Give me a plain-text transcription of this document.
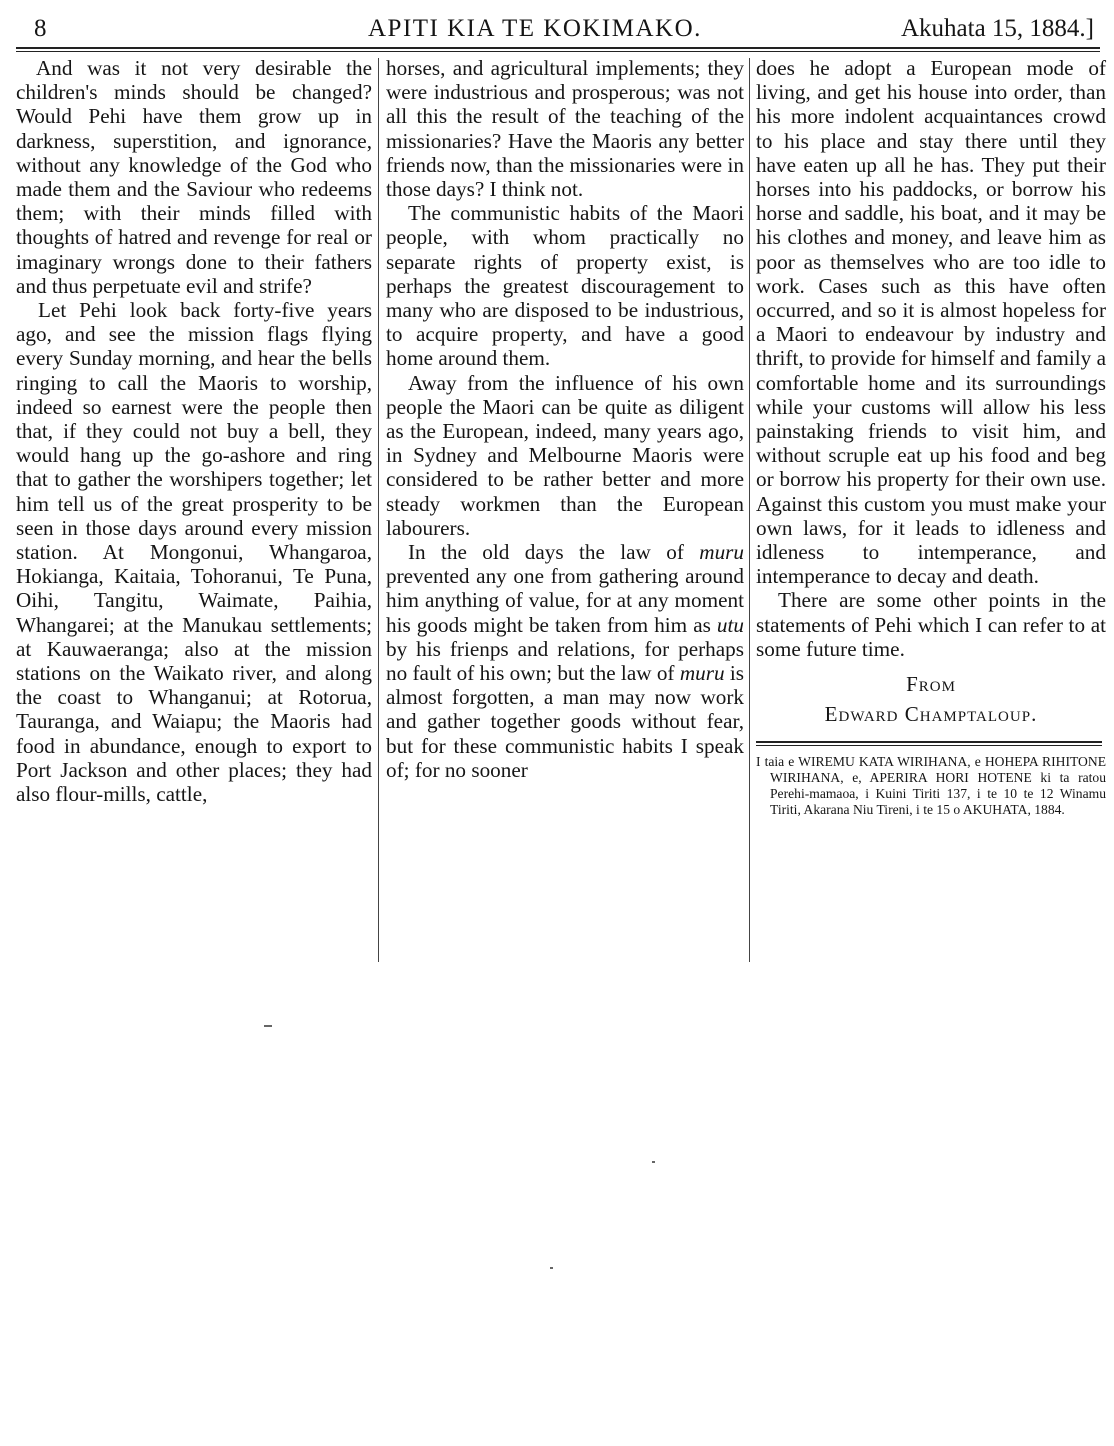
8	APITI KIA TE KOKIMAKO.	Akuhata 15, 1884.]

And was it not very desirable the children's minds should be changed? Would Pehi have them grow up in darkness, superstition, and ignorance, without any knowledge of the God who made them and the Saviour who redeems them; with their minds filled with thoughts of hatred and revenge for real or imaginary wrongs done to their fathers and thus perpetuate evil and strife?

Let Pehi look back forty-five years ago, and see the mission flags flying every Sunday morning, and hear the bells ringing to call the Maoris to worship, indeed so earnest were the people then that, if they could not buy a bell, they would hang up the go-ashore and ring that to gather the worshipers together; let him tell us of the great prosperity to be seen in those days around every mission station. At Mongonui, Whangaroa, Hokianga, Kaitaia, Tohoranui, Te Puna, Oihi, Tangitu, Waimate, Paihia, Whangarei; at the Manukau settlements; at Kauwaeranga; also at the mission stations on the Waikato river, and along the coast to Whanganui; at Rotorua, Tauranga, and Waiapu; the Maoris had food in abundance, enough to export to Port Jackson and other places; they had also flour-mills, cattle,

horses, and agricultural implements; they were industrious and prosperous; was not all this the result of the teaching of the missionaries? Have the Maoris any better friends now, than the missionaries were in those days? I think not.

The communistic habits of the Maori people, with whom practically no separate rights of property exist, is perhaps the greatest discouragement to many who are disposed to be industrious, to acquire property, and have a good home around them.

Away from the influence of his own people the Maori can be quite as diligent as the European, indeed, many years ago, in Sydney and Melbourne Maoris were considered to be rather better and more steady workmen than the European labourers.

In the old days the law of muru prevented any one from gathering around him anything of value, for at any moment his goods might be taken from him as utu by his frienps and relations, for perhaps no fault of his own; but the law of muru is almost forgotten, a man may now work and gather together goods without fear, but for these communistic habits I speak of; for no sooner

does he adopt a European mode of living, and get his house into order, than his more indolent acquaintances crowd to his place and stay there until they have eaten up all he has. They put their horses into his paddocks, or borrow his horse and saddle, his boat, and it may be his clothes and money, and leave him as poor as themselves who are too idle to work. Cases such as this have often occurred, and so it is almost hopeless for a Maori to endeavour by industry and thrift, to provide for himself and family a comfortable home and its surroundings while your customs will allow his less painstaking friends to visit him, and without scruple eat up his food and beg or borrow his property for their own use. Against this custom you must make your own laws, for it leads to idleness and idleness to intemperance, and intemperance to decay and death.

There are some other points in the statements of Pehi which I can refer to at some future time.

From
Edward Champtaloup.
I taia e WIREMU KATA WIRIHANA, e HOHEPA RIHITONE WIRIHANA, e, APERIRA HORI HOTENE ki ta ratou Perehi-mamaoa, i Kuini Tiriti 137, i te 10 te 12 Winamu Tiriti, Akarana Niu Tireni, i te 15 o AKUHATA, 1884.
